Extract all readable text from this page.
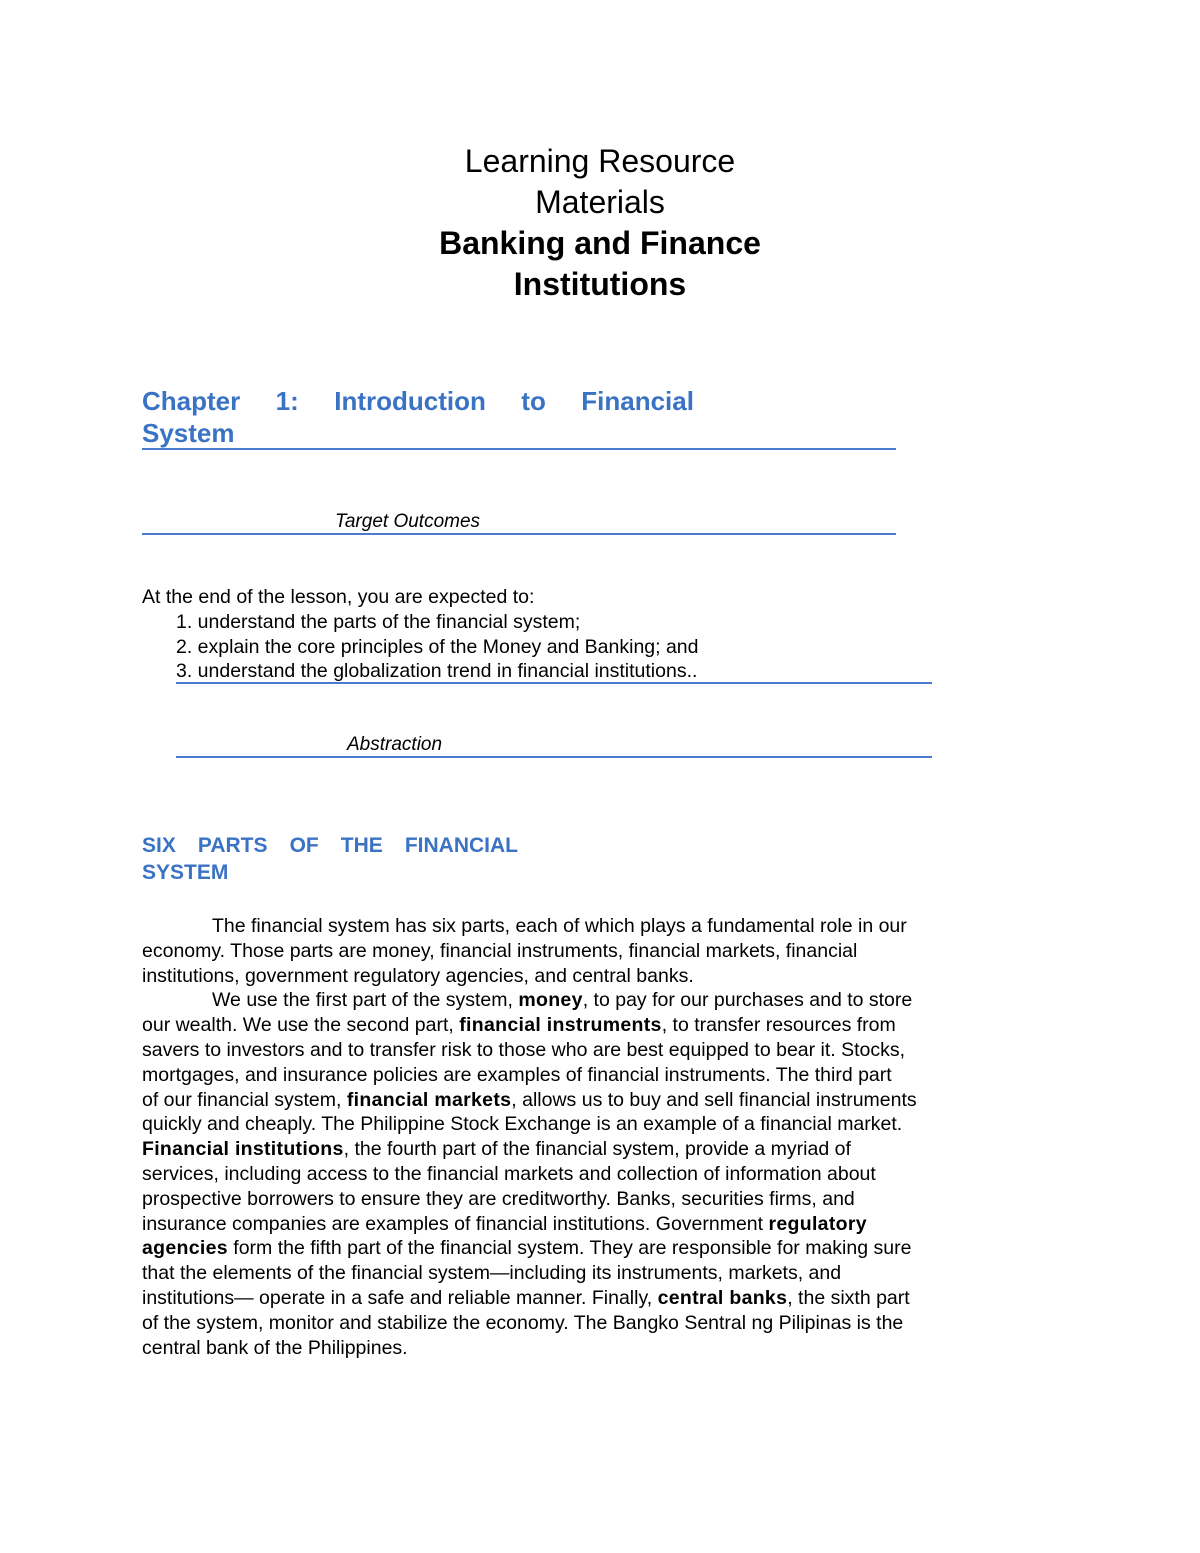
Learning Resource
Materials
Banking and Finance
Institutions
Chapter 1: Introduction to Financial
System
Target Outcomes
At the end of the lesson, you are expected to:
1. understand the parts of the financial system;
2. explain the core principles of the Money and Banking; and
3. understand the globalization trend in financial institutions..
Abstraction
SIX PARTS OF THE FINANCIAL
SYSTEM
The financial system has six parts, each of which plays a fundamental role in our
economy. Those parts are money, financial instruments, financial markets, financial
institutions, government regulatory agencies, and central banks.
We use the first part of the system, money, to pay for our purchases and to store
our wealth. We use the second part, financial instruments, to transfer resources from
savers to investors and to transfer risk to those who are best equipped to bear it. Stocks,
mortgages, and insurance policies are examples of financial instruments. The third part
of our financial system, financial markets, allows us to buy and sell financial instruments
quickly and cheaply. The Philippine Stock Exchange is an example of a financial market.
Financial institutions, the fourth part of the financial system, provide a myriad of
services, including access to the financial markets and collection of information about
prospective borrowers to ensure they are creditworthy. Banks, securities firms, and
insurance companies are examples of financial institutions. Government regulatory
agencies form the fifth part of the financial system. They are responsible for making sure
that the elements of the financial system—including its instruments, markets, and
institutions— operate in a safe and reliable manner. Finally, central banks, the sixth part
of the system, monitor and stabilize the economy. The Bangko Sentral ng Pilipinas is the
central bank of the Philippines.
